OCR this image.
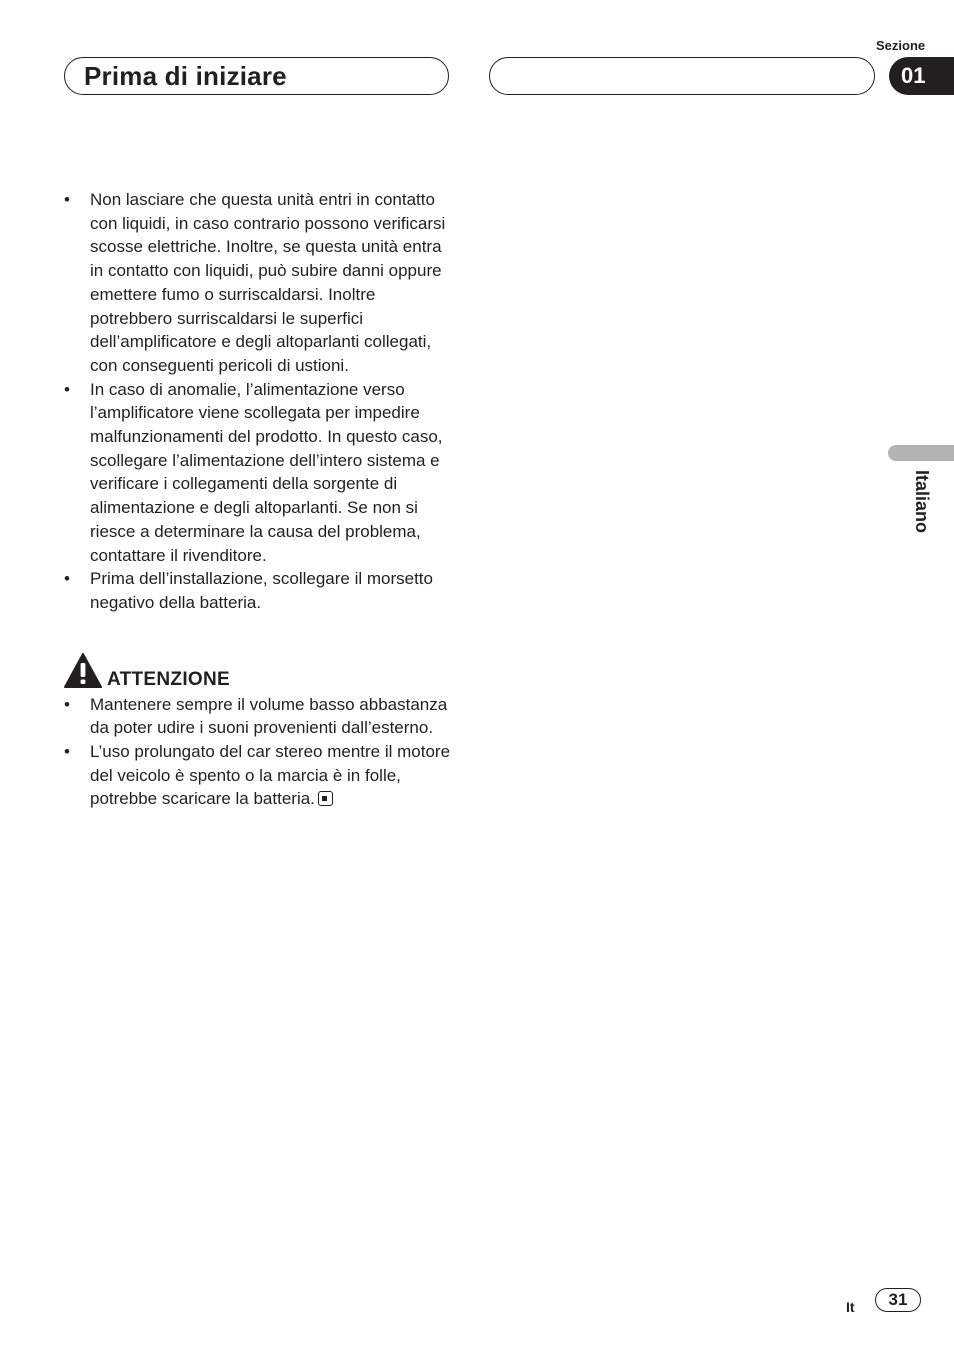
Prima di iniziare
Sezione
01
Italiano
• Non lasciare che questa unità entri in contatto con liquidi, in caso contrario possono verificarsi scosse elettriche. Inoltre, se questa unità entra in contatto con liquidi, può subire danni oppure emettere fumo o surriscaldarsi. Inoltre potrebbero surriscaldarsi le superfici dell’amplificatore e degli altoparlanti collegati, con conseguenti pericoli di ustioni.
• In caso di anomalie, l’alimentazione verso l’amplificatore viene scollegata per impedire malfunzionamenti del prodotto. In questo caso, scollegare l’alimentazione dell’intero sistema e verificare i collegamenti della sorgente di alimentazione e degli altoparlanti. Se non si riesce a determinare la causa del problema, contattare il rivenditore.
• Prima dell’installazione, scollegare il morsetto negativo della batteria.
ATTENZIONE
• Mantenere sempre il volume basso abbastanza da poter udire i suoni provenienti dall’esterno.
• L’uso prolungato del car stereo mentre il motore del veicolo è spento o la marcia è in folle, potrebbe scaricare la batteria.
It	31
